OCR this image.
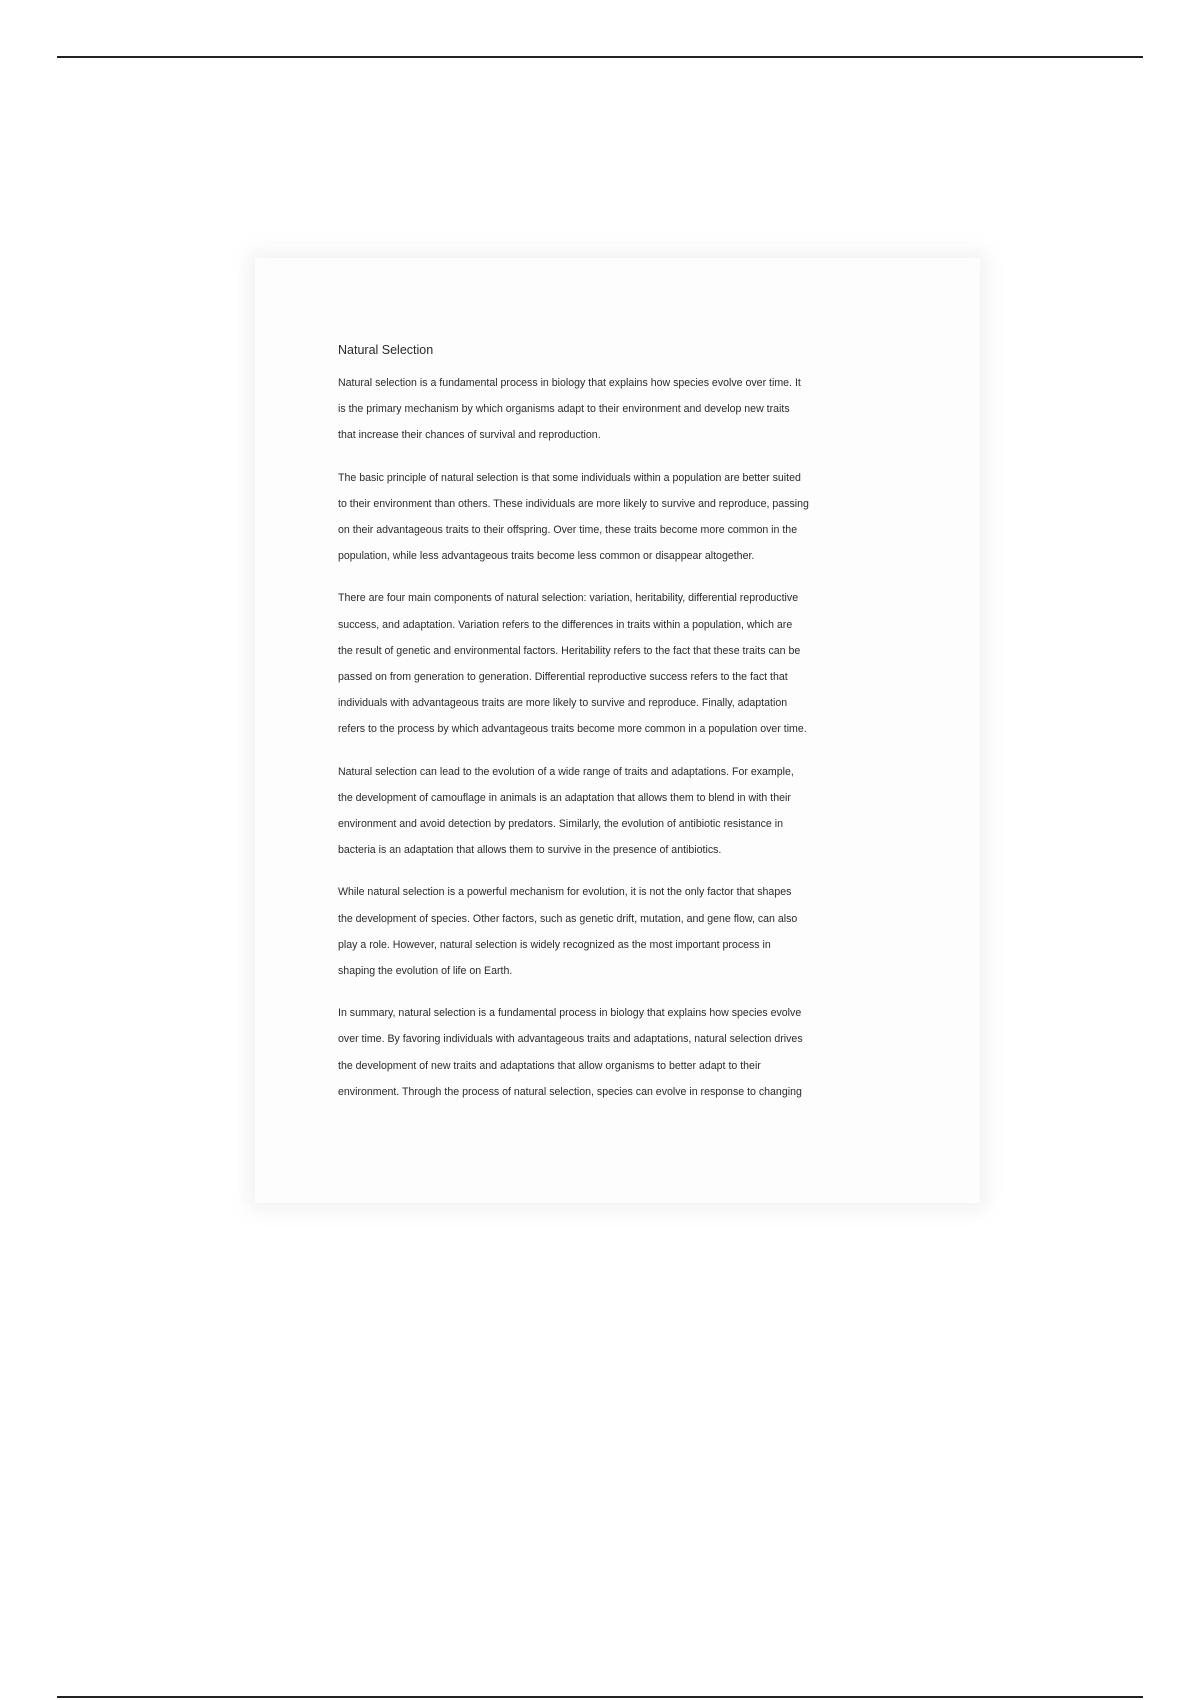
Natural Selection
Natural selection is a fundamental process in biology that explains how species evolve over time. It
is the primary mechanism by which organisms adapt to their environment and develop new traits
that increase their chances of survival and reproduction.
The basic principle of natural selection is that some individuals within a population are better suited
to their environment than others. These individuals are more likely to survive and reproduce, passing
on their advantageous traits to their offspring. Over time, these traits become more common in the
population, while less advantageous traits become less common or disappear altogether.
There are four main components of natural selection: variation, heritability, differential reproductive
success, and adaptation. Variation refers to the differences in traits within a population, which are
the result of genetic and environmental factors. Heritability refers to the fact that these traits can be
passed on from generation to generation. Differential reproductive success refers to the fact that
individuals with advantageous traits are more likely to survive and reproduce. Finally, adaptation
refers to the process by which advantageous traits become more common in a population over time.
Natural selection can lead to the evolution of a wide range of traits and adaptations. For example,
the development of camouflage in animals is an adaptation that allows them to blend in with their
environment and avoid detection by predators. Similarly, the evolution of antibiotic resistance in
bacteria is an adaptation that allows them to survive in the presence of antibiotics.
While natural selection is a powerful mechanism for evolution, it is not the only factor that shapes
the development of species. Other factors, such as genetic drift, mutation, and gene flow, can also
play a role. However, natural selection is widely recognized as the most important process in
shaping the evolution of life on Earth.
In summary, natural selection is a fundamental process in biology that explains how species evolve
over time. By favoring individuals with advantageous traits and adaptations, natural selection drives
the development of new traits and adaptations that allow organisms to better adapt to their
environment. Through the process of natural selection, species can evolve in response to changing
